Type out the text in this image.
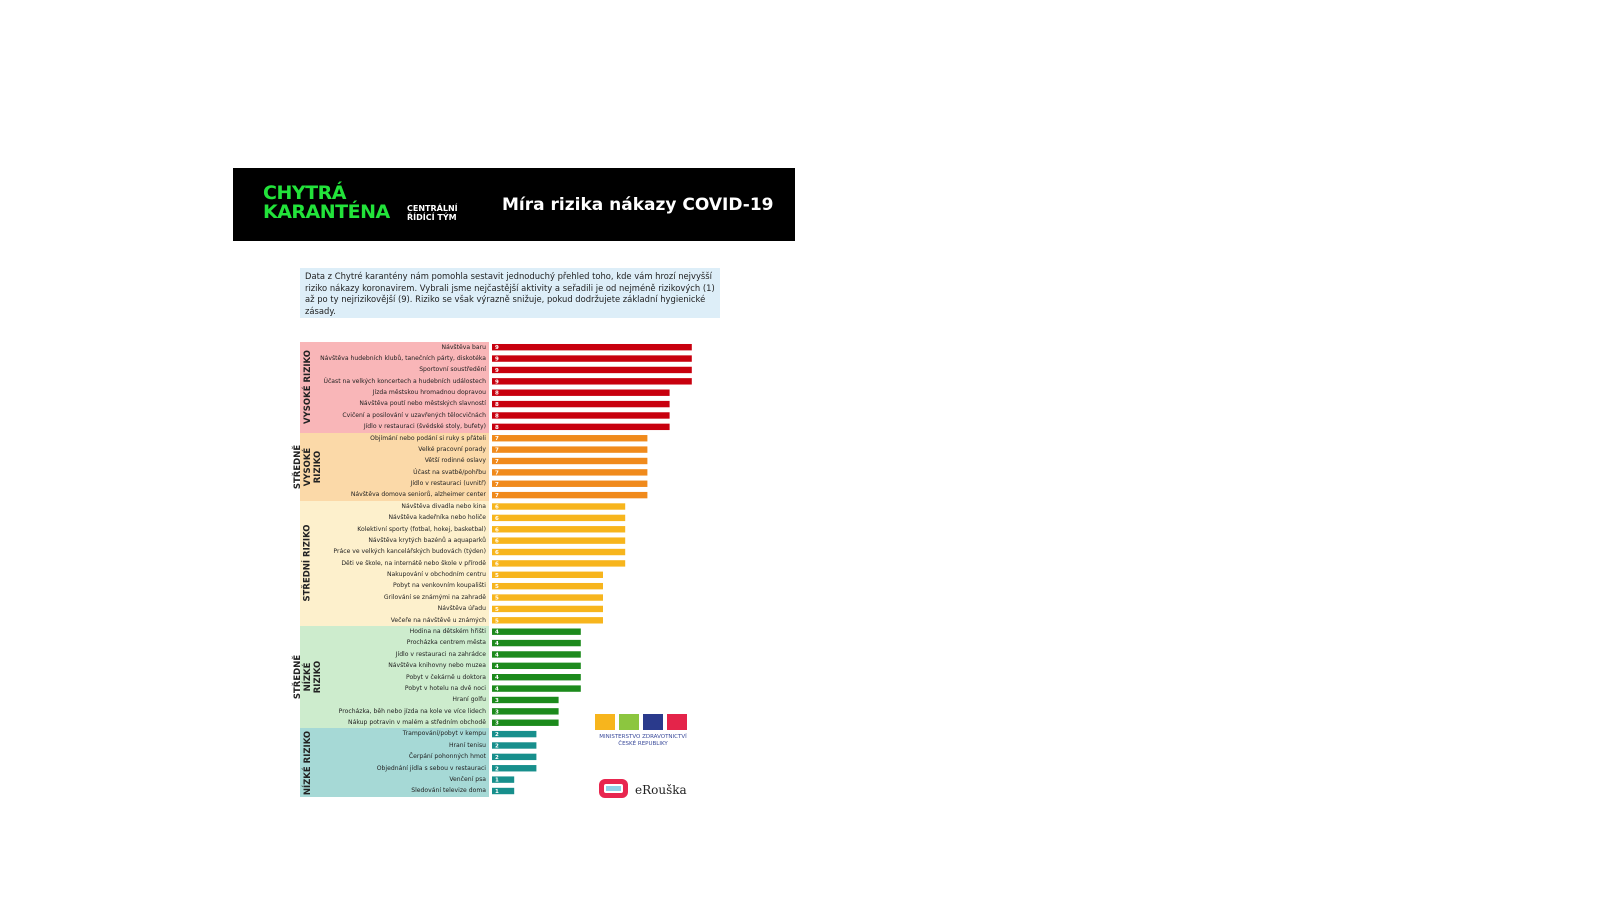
CHYTRÁ
KARANTÉNA CENTRÁLNÍ
ŘÍDÍCÍ TÝM
Míra rizika nákazy COVID-19
Data z Chytré karantény nám pomohla sestavit jednoduchý přehled toho, kde vám hrozí nejvyšší riziko nákazy koronavirem. Vybrali jsme nejčastější aktivity a seřadili je od nejméně rizikových (1) až po ty nejrizikovější (9). Riziko se však výrazně snižuje, pokud dodržujete základní hygienické zásady.
VYSOKÉ RIZIKO
Návštěva baru
Návštěva hudebních klubů, tanečních párty, diskotéka
Sportovní soustředění
Účast na velkých koncertech a hudebních událostech
Jízda městskou hromadnou dopravou
Návštěva poutí nebo městských slavností
Cvičení a posilování v uzavřených tělocvičnách
Jídlo v restauraci (švédské stoly, bufety)
STŘEDNĚ VYSOKÉ RIZIKO
Objímání nebo podání si ruky s přáteli
Velké pracovní porady
Větší rodinné oslavy
Účast na svatbě/pohřbu
Jídlo v restauraci (uvnitř)
Návštěva domova seniorů, alzheimer center
STŘEDNÍ RIZIKO
Návštěva divadla nebo kina
Návštěva kadeřníka nebo holiče
Kolektivní sporty (fotbal, hokej, basketbal)
Návštěva krytých bazénů a aquaparků
Práce ve velkých kancelářských budovách (týden)
Děti ve škole, na internátě nebo škole v přírodě
Nakupování v obchodním centru
Pobyt na venkovním koupališti
Grilování se známými na zahradě
Návštěva úřadu
Večeře na návštěvě u známých
STŘEDNĚ NÍZKÉ RIZIKO
Hodina na dětském hřišti
Procházka centrem města
Jídlo v restauraci na zahrádce
Návštěva knihovny nebo muzea
Pobyt v čekárně u doktora
Pobyt v hotelu na dvě noci
Hraní golfu
Procházka, běh nebo jízda na kole ve více lidech
Nákup potravin v malém a středním obchodě
NÍZKÉ RIZIKO	Trampování/pobyt v kempu
Hraní tenisu
Čerpání pohonných hmot
Objednání jídla s sebou v restauraci
Venčení psa
Sledování televize doma
9
9
9
9
8
8
8
8
7
7
7
7
7
7
6
6
6
6
6
6
5
5
5
5
5
4
4
4
4
4
4
3
3
3
2
2
2
2
1
1
MINISTERSTVO ZDRAVOTNICTVÍ
ČESKÉ REPUBLIKY
eRouška
